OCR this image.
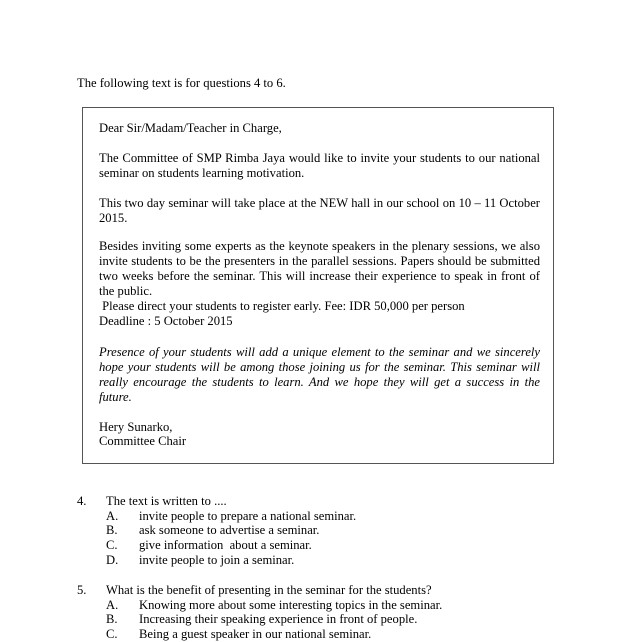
The following text is for questions 4 to 6.
Dear Sir/Madam/Teacher in Charge,
The Committee of SMP Rimba Jaya would like to invite your students to our national seminar on students learning motivation.
This two day seminar will take place at the NEW hall in our school on 10 – 11 October 2015.
Besides inviting some experts as the keynote speakers in the plenary sessions, we also invite students to be the presenters in the parallel sessions. Papers should be submitted two weeks before the seminar. This will increase their experience to speak in front of the public.
Please direct your students to register early. Fee: IDR 50,000 per person
Deadline : 5 October 2015
Presence of your students will add a unique element to the seminar and we sincerely hope your students will be among those joining us for the seminar. This seminar will really encourage the students to learn. And we hope they will get a success in the future.
Hery Sunarko,
Committee Chair
4. The text is written to ....
A. invite people to prepare a national seminar.
B. ask someone to advertise a seminar.
C. give information  about a seminar.
D. invite people to join a seminar.
5. What is the benefit of presenting in the seminar for the students?
A. Knowing more about some interesting topics in the seminar.
B. Increasing their speaking experience in front of people.
C. Being a guest speaker in our national seminar.
